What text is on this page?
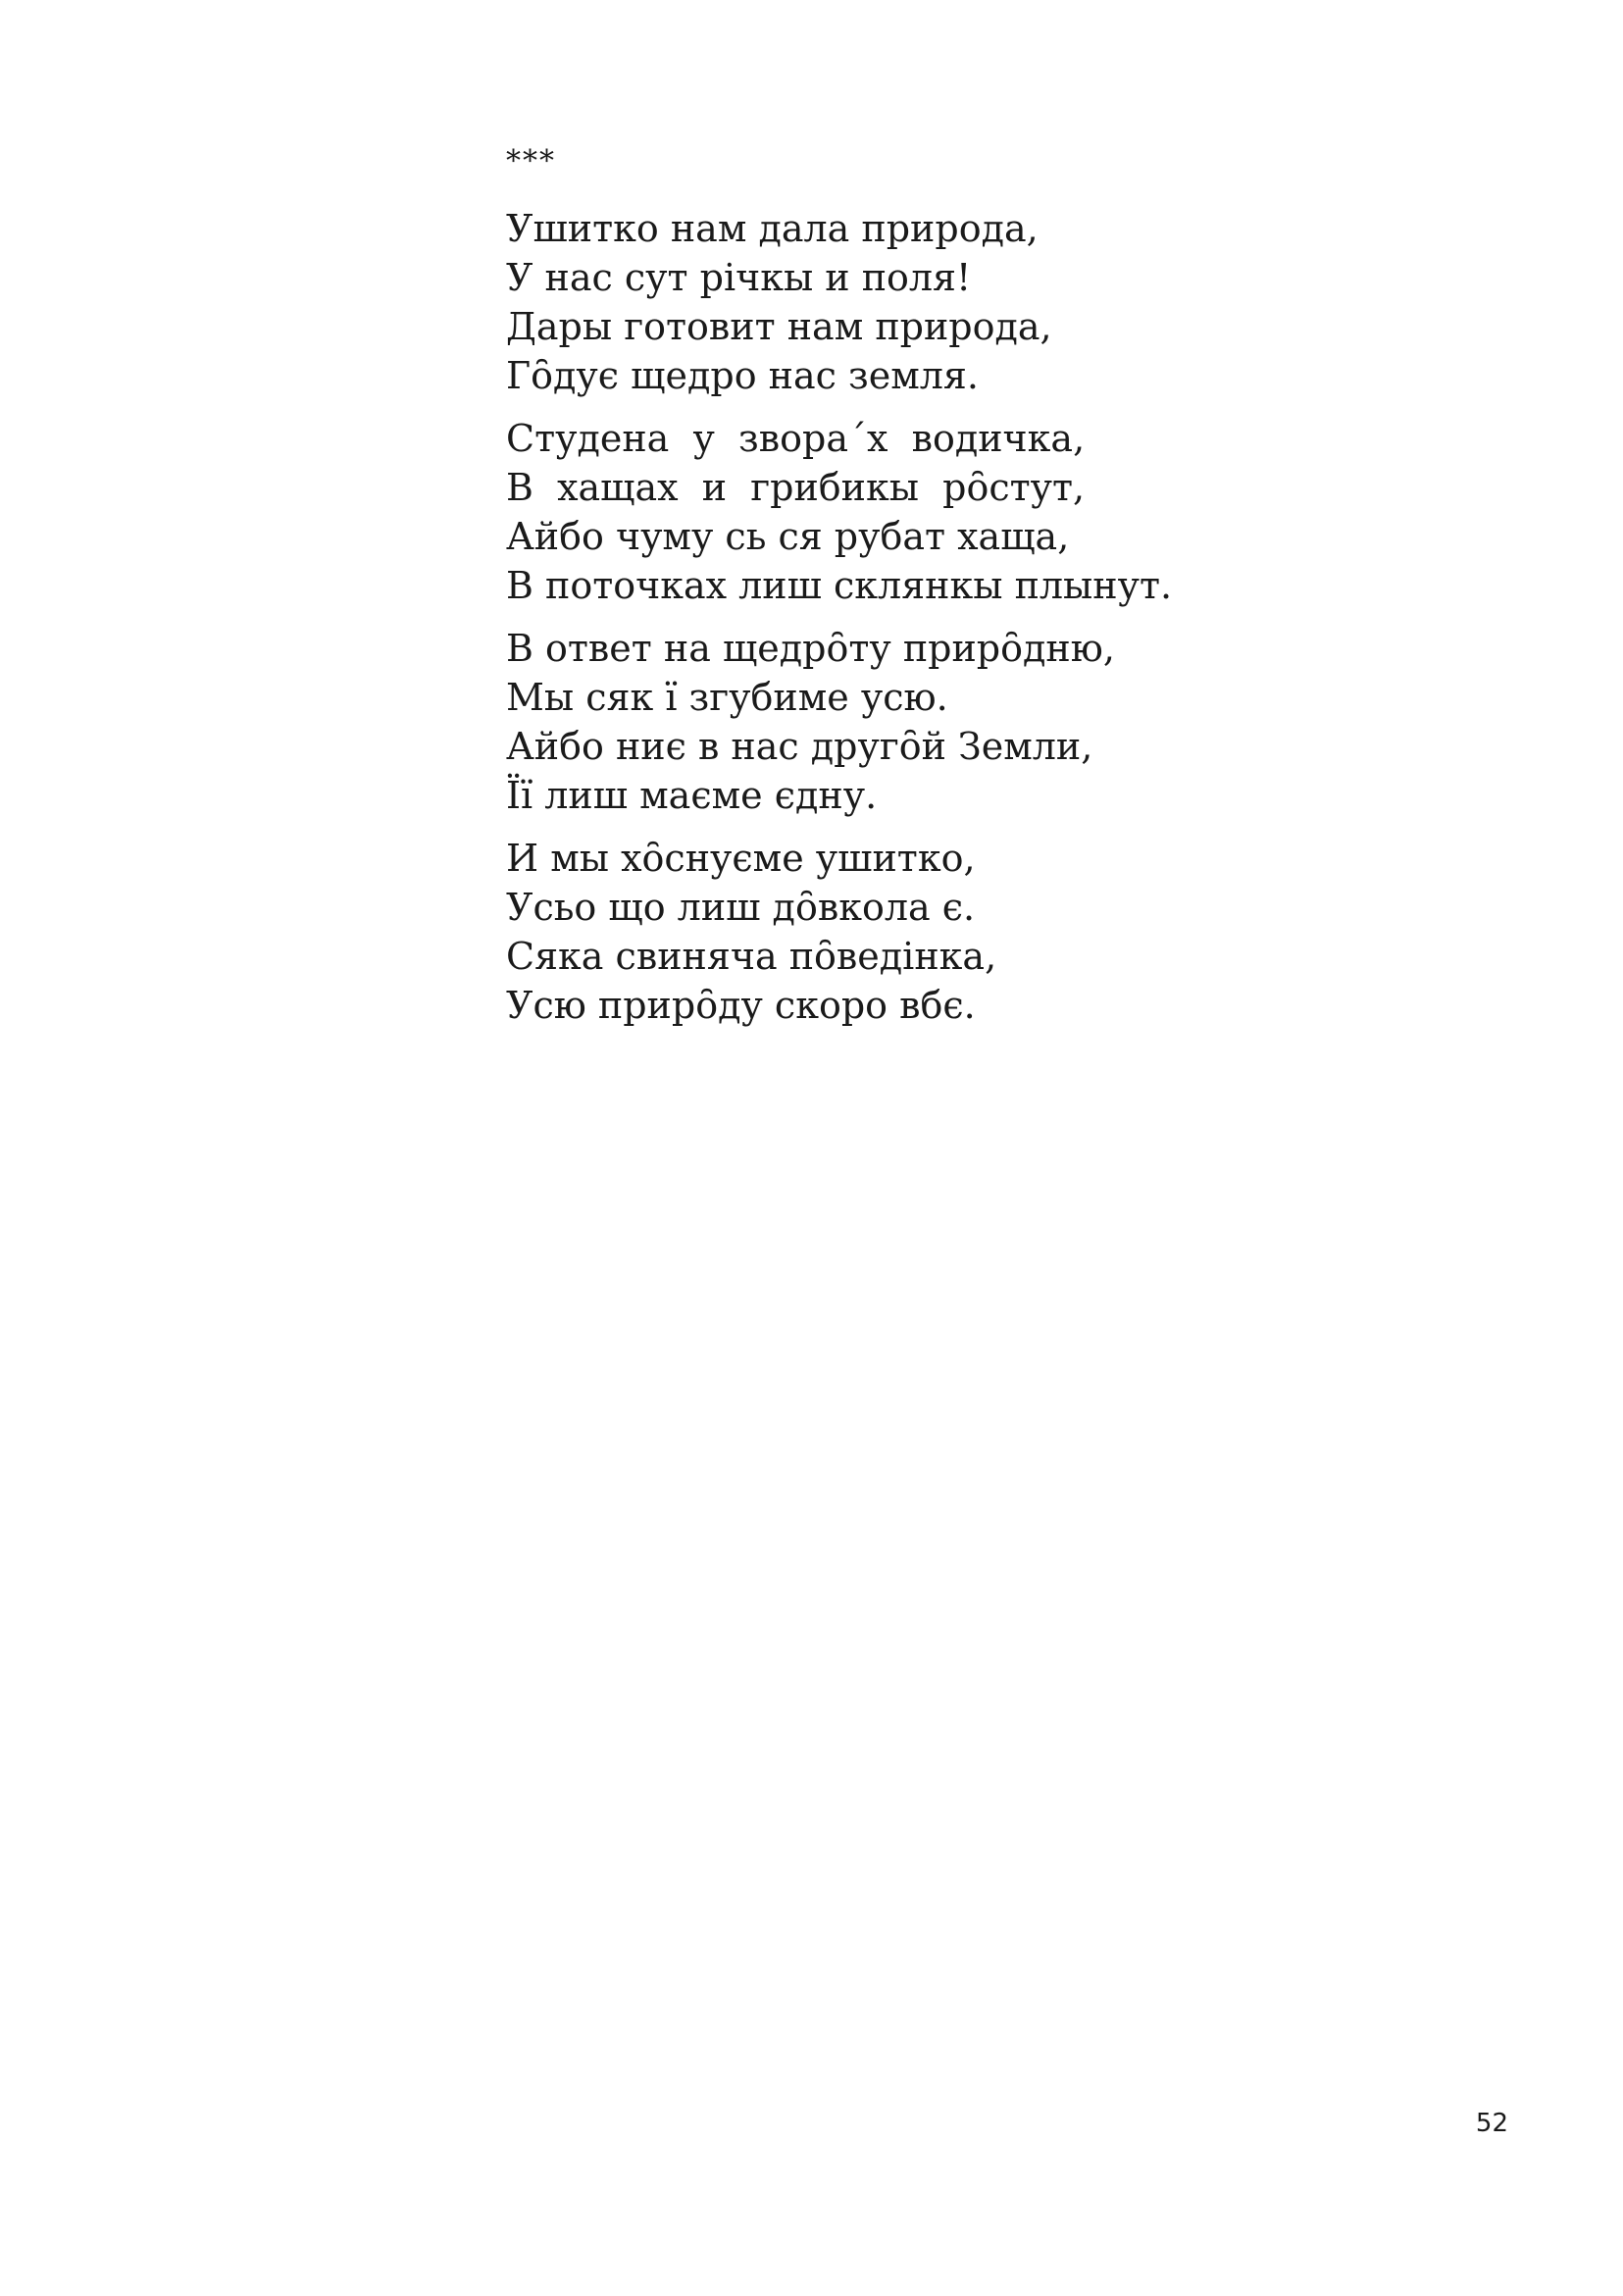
***
Ушитко нам дала природа,
У нас сут річкы и поля!
Дары готовит нам природа,
Гȏдує щедро нас земля.
Студена  у  звора´х  водичка,
В  хащах  и  грибикы  рȏстут,
Айбо чуму сь ся рубат хаща,
В поточках лиш склянкы плынут.
В ответ на щедрȏту прирȏдню,
Мы сяк ї згубиме усю.
Айбо ниє в нас другȏй Земли,
Її лиш маєме єдну.
И мы хȏснуєме ушитко,
Усьо що лиш дȏвкола є.
Сяка свиняча пȏведінка,
Усю прирȏду скоро вбє.
52
